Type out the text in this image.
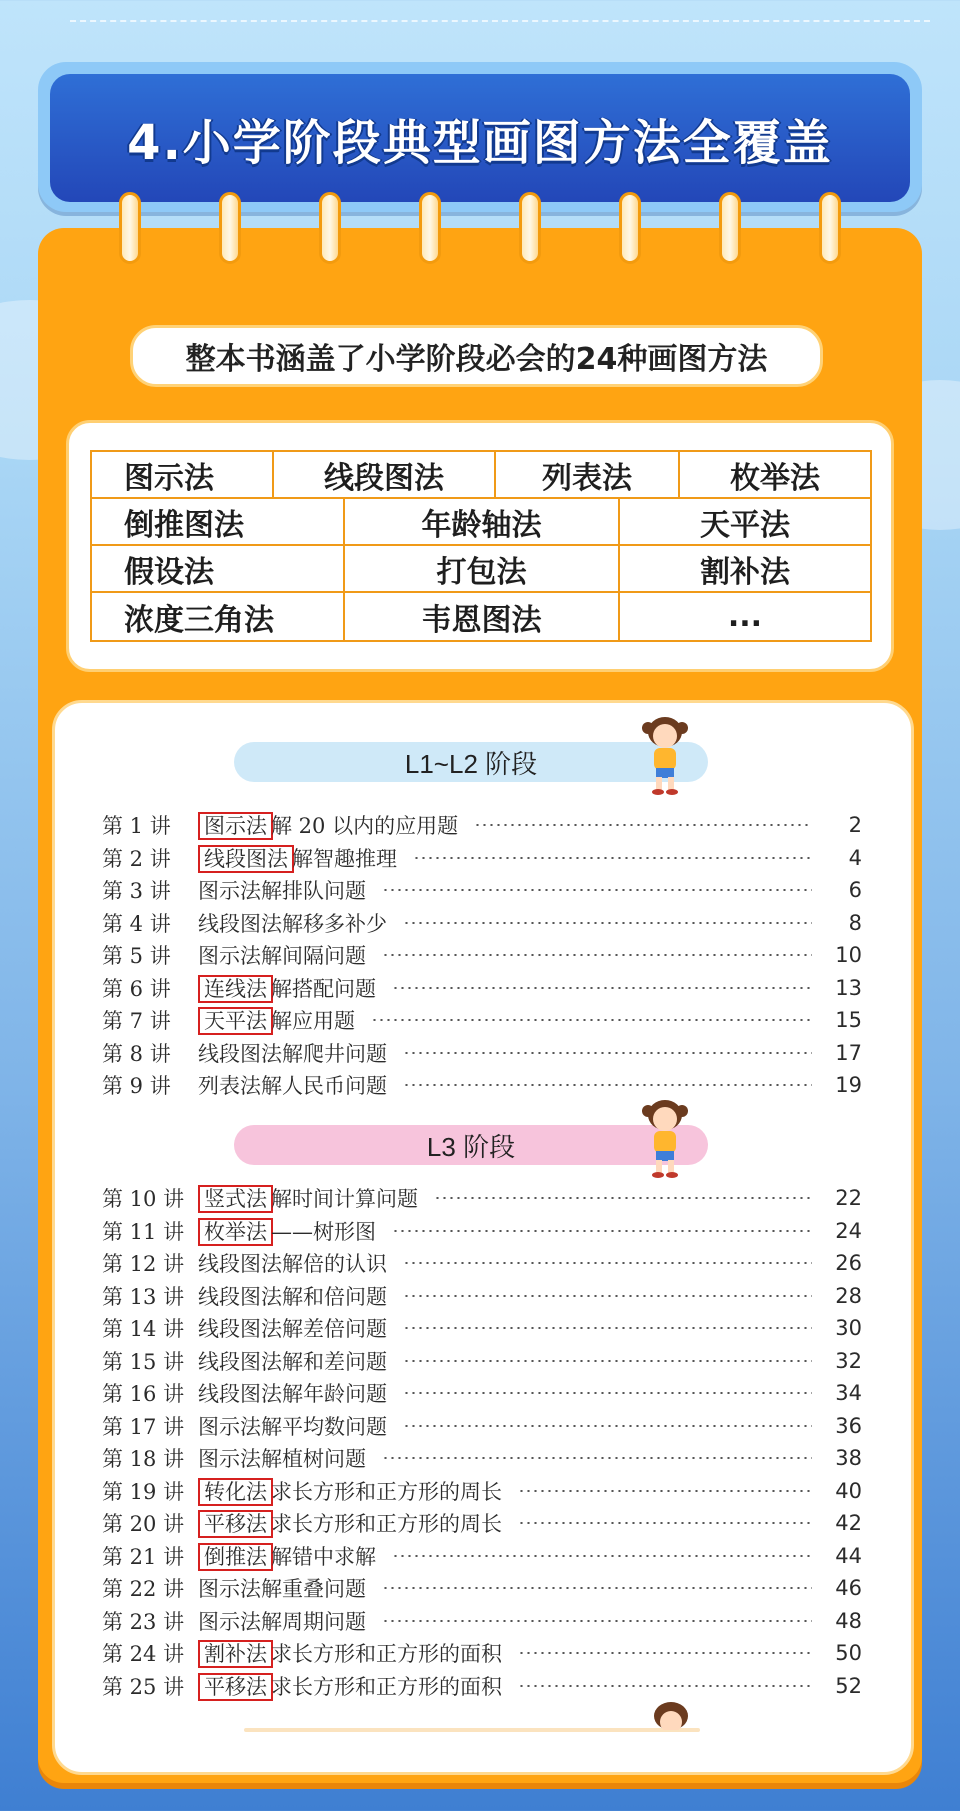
4.小学阶段典型画图方法全覆盖
整本书涵盖了小学阶段必会的24种画图方法
图示法	线段图法	列表法	枚举法
倒推图法	年龄轴法	天平法
假设法	打包法	割补法
浓度三角法	韦恩图法	...
L1~L2 阶段
L3 阶段
第 1 讲	图示法 解 20 以内的应用题	2
第 2 讲	线段图法 解智趣推理	4
第 3 讲	图示法解排队问题	6
第 4 讲	线段图法解移多补少	8
第 5 讲	图示法解间隔问题	10
第 6 讲	连线法 解搭配问题	13
第 7 讲	天平法 解应用题	15
第 8 讲	线段图法解爬井问题	17
第 9 讲	列表法解人民币问题	19
第 10 讲 竖式法 解时间计算问题	22
第 11 讲 枚举法 ——树形图	24
第 12 讲 线段图法解倍的认识	26
第 13 讲 线段图法解和倍问题	28
第 14 讲 线段图法解差倍问题	30
第 15 讲 线段图法解和差问题	32
第 16 讲 线段图法解年龄问题	34
第 17 讲 图示法解平均数问题	36
第 18 讲 图示法解植树问题	38
第 19 讲 转化法 求长方形和正方形的周长	40
第 20 讲 平移法 求长方形和正方形的周长	42
第 21 讲 倒推法 解错中求解	44
第 22 讲 图示法解重叠问题	46
第 23 讲 图示法解周期问题	48
第 24 讲 割补法 求长方形和正方形的面积	50
第 25 讲 平移法 求长方形和正方形的面积	52
